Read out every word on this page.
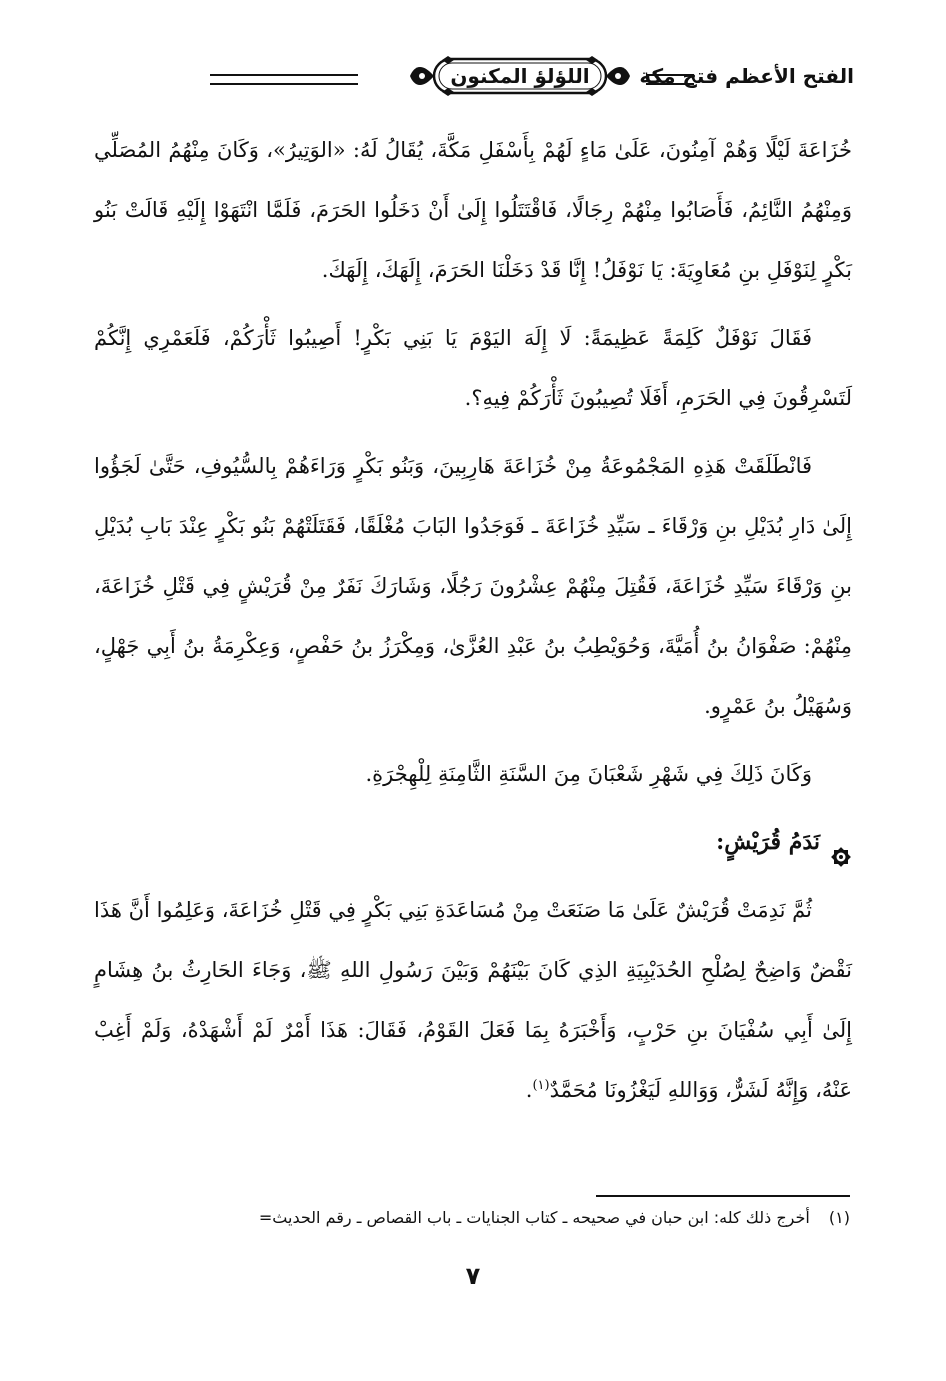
الفتح الأعظم فتح مكة
اللؤلؤ المكنون

خُزَاعَةَ لَيْلًا وَهُمْ آمِنُونَ، عَلَىٰ مَاءٍ لَهُمْ بِأَسْفَلِ مَكَّةَ، يُقَالُ لَهُ: «الوَتِيرُ»، وَكَانَ مِنْهُمُ المُصَلِّي وَمِنْهُمُ النَّائِمُ، فَأَصَابُوا مِنْهُمْ رِجَالًا، فَاقْتَتَلُوا إِلَىٰ أَنْ دَخَلُوا الحَرَمَ، فَلَمَّا انْتَهَوْا إِلَيْهِ قَالَتْ بَنُو بَكْرٍ لِنَوْفَلِ بنِ مُعَاوِيَةَ: يَا نَوْفَلُ! إِنَّا قَدْ دَخَلْنَا الحَرَمَ، إِلَهَكَ، إِلَهَكَ.

فَقَالَ نَوْفَلٌ كَلِمَةً عَظِيمَةً: لَا إِلَهَ اليَوْمَ يَا بَنِي بَكْرٍ! أَصِيبُوا ثَأْرَكُمْ، فَلَعَمْرِي إِنَّكُمْ لَتَسْرِقُونَ فِي الحَرَمِ، أَفَلَا تُصِيبُونَ ثَأْرَكُمْ فِيهِ؟.

فَانْطَلَقَتْ هَذِهِ المَجْمُوعَةُ مِنْ خُزَاعَةَ هَارِبِينَ، وَبَنُو بَكْرٍ وَرَاءَهُمْ بِالسُّيُوفِ، حَتَّىٰ لَجَؤُوا إِلَىٰ دَارِ بُدَيْلِ بنِ وَرْقَاءَ ـ سَيِّدِ خُزَاعَةَ ـ فَوَجَدُوا البَابَ مُغْلَقًا، فَقَتَلَتْهُمْ بَنُو بَكْرٍ عِنْدَ بَابِ بُدَيْلِ بنِ وَرْقَاءَ سَيِّدِ خُزَاعَةَ، فَقُتِلَ مِنْهُمْ عِشْرُونَ رَجُلًا، وَشَارَكَ نَفَرٌ مِنْ قُرَيْشٍ فِي قَتْلِ خُزَاعَةَ، مِنْهُمْ: صَفْوَانُ بنُ أُمَيَّةَ، وَحُوَيْطِبُ بنُ عَبْدِ العُزَّىٰ، وَمِكْرَزُ بنُ حَفْصٍ، وَعِكْرِمَةُ بنُ أَبِي جَهْلٍ، وَسُهَيْلُ بنُ عَمْرٍو.

وَكَانَ ذَلِكَ فِي شَهْرِ شَعْبَانَ مِنَ السَّنَةِ الثَّامِنَةِ لِلْهِجْرَةِ.

نَدَمُ قُرَيْشٍ:

ثُمَّ نَدِمَتْ قُرَيْشٌ عَلَىٰ مَا صَنَعَتْ مِنْ مُسَاعَدَةِ بَنِي بَكْرٍ فِي قَتْلِ خُزَاعَةَ، وَعَلِمُوا أَنَّ هَذَا نَقْضٌ وَاضِحٌ لِصُلْحِ الحُدَيْبِيَةِ الذِي كَانَ بَيْنَهُمْ وَبَيْنَ رَسُولِ اللهِ ﷺ، وَجَاءَ الحَارِثُ بنُ هِشَامٍ إِلَىٰ أَبِي سُفْيَانَ بنِ حَرْبٍ، وَأَخْبَرَهُ بِمَا فَعَلَ القَوْمُ، فَقَالَ: هَذَا أَمْرٌ لَمْ أَشْهَدْهُ، وَلَمْ أَغِبْ عَنْهُ، وَإِنَّهُ لَشَرٌّ، وَوَاللهِ لَيَغْزُونَا مُحَمَّدٌ$^{(١)}$.

(١) أخرج ذلك كله: ابن حبان في صحيحه ـ كتاب الجنايات ـ باب القصاص ـ رقم الحديث=
٧
